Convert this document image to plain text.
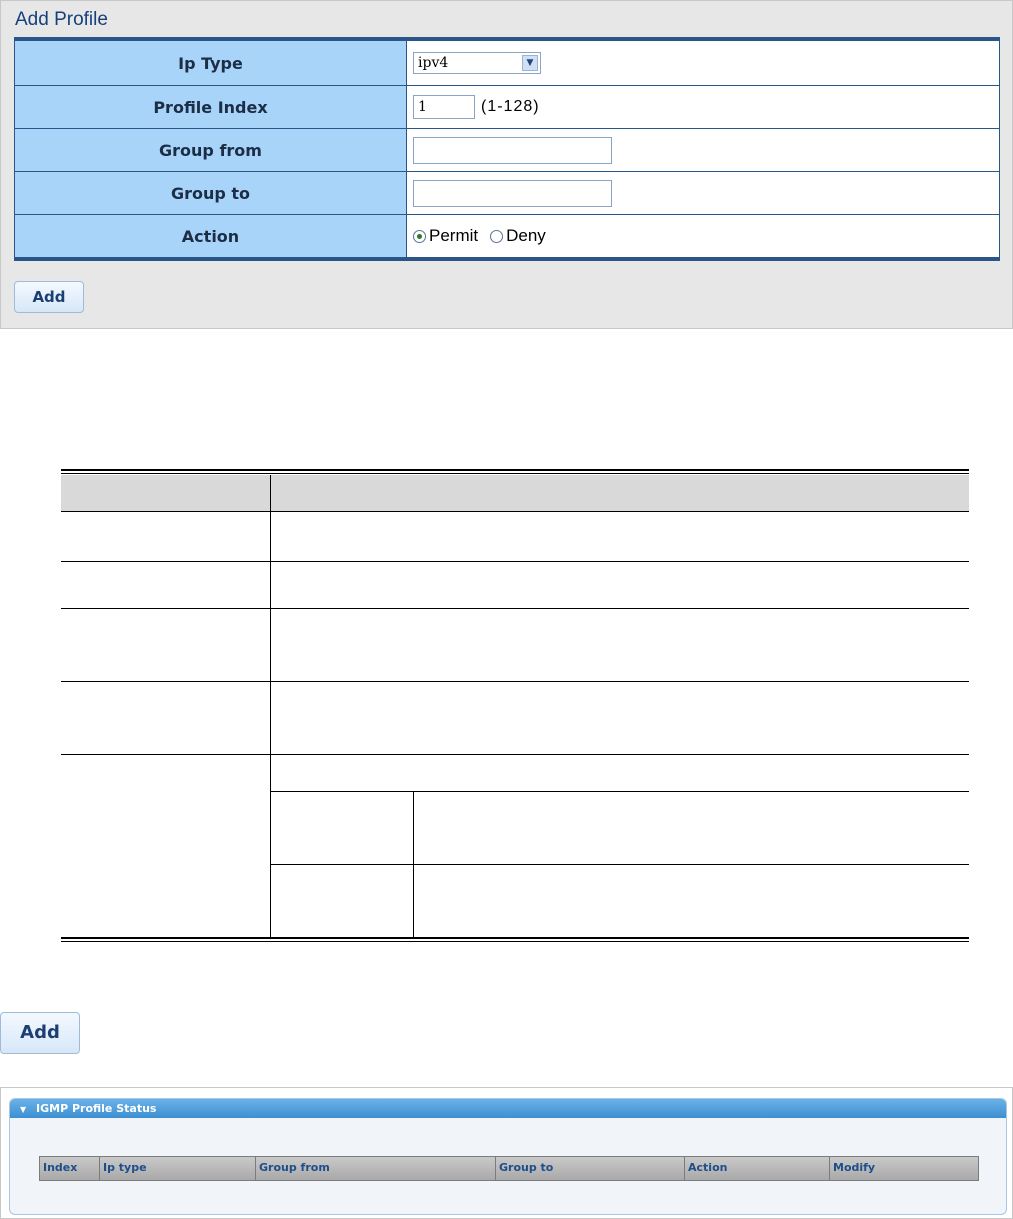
Add Profile
Ip Type	ipv4	▼
Profile Index	1	(1-128)
Group from
Group to
Action	Permit Deny
Add
Add
▼ IGMP Profile Status
Index	Ip type	Group from	Group to	Action	Modify
